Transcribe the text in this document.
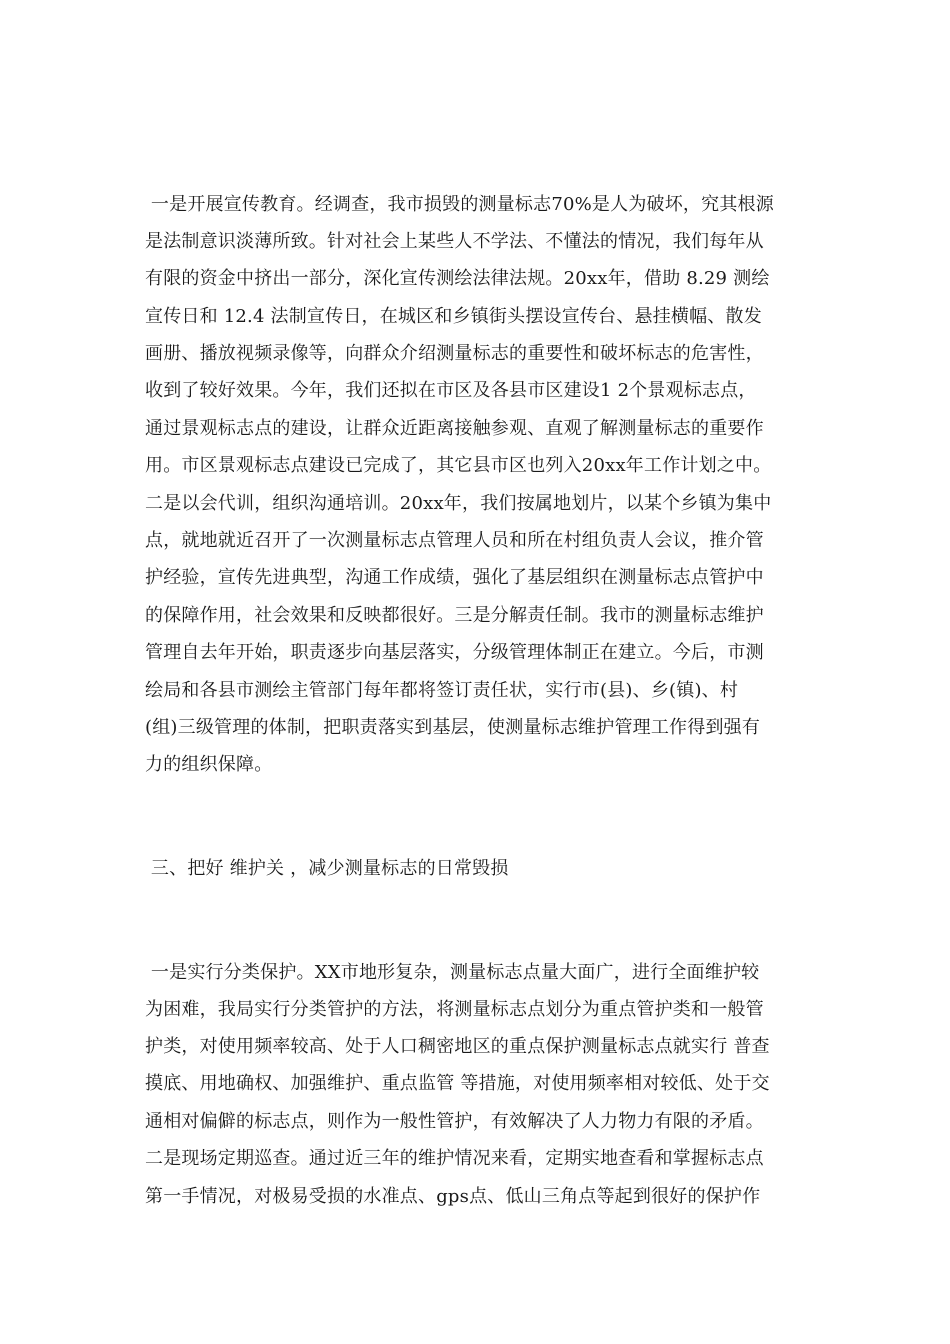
一是开展宣传教育。经调查，我市损毁的测量标志70%是人为破坏，究其根源
是法制意识淡薄所致。针对社会上某些人不学法、不懂法的情况，我们每年从
有限的资金中挤出一部分，深化宣传测绘法律法规。20xx年，借助 8.29 测绘
宣传日和 12.4 法制宣传日，在城区和乡镇街头摆设宣传台、悬挂横幅、散发
画册、播放视频录像等，向群众介绍测量标志的重要性和破坏标志的危害性，
收到了较好效果。今年，我们还拟在市区及各县市区建设1 2个景观标志点，
通过景观标志点的建设，让群众近距离接触参观、直观了解测量标志的重要作
用。市区景观标志点建设已完成了，其它县市区也列入20xx年工作计划之中。
二是以会代训，组织沟通培训。20xx年，我们按属地划片，以某个乡镇为集中
点，就地就近召开了一次测量标志点管理人员和所在村组负责人会议，推介管
护经验，宣传先进典型，沟通工作成绩，强化了基层组织在测量标志点管护中
的保障作用，社会效果和反映都很好。三是分解责任制。我市的测量标志维护
管理自去年开始，职责逐步向基层落实，分级管理体制正在建立。今后，市测
绘局和各县市测绘主管部门每年都将签订责任状，实行市(县)、乡(镇)、村
(组)三级管理的体制，把职责落实到基层，使测量标志维护管理工作得到强有
力的组织保障。
三、把好 维护关 ，减少测量标志的日常毁损
一是实行分类保护。XX市地形复杂，测量标志点量大面广，进行全面维护较
为困难，我局实行分类管护的方法，将测量标志点划分为重点管护类和一般管
护类，对使用频率较高、处于人口稠密地区的重点保护测量标志点就实行 普查
摸底、用地确权、加强维护、重点监管 等措施，对使用频率相对较低、处于交
通相对偏僻的标志点，则作为一般性管护，有效解决了人力物力有限的矛盾。
二是现场定期巡查。通过近三年的维护情况来看，定期实地查看和掌握标志点
第一手情况，对极易受损的水准点、gps点、低山三角点等起到很好的保护作
